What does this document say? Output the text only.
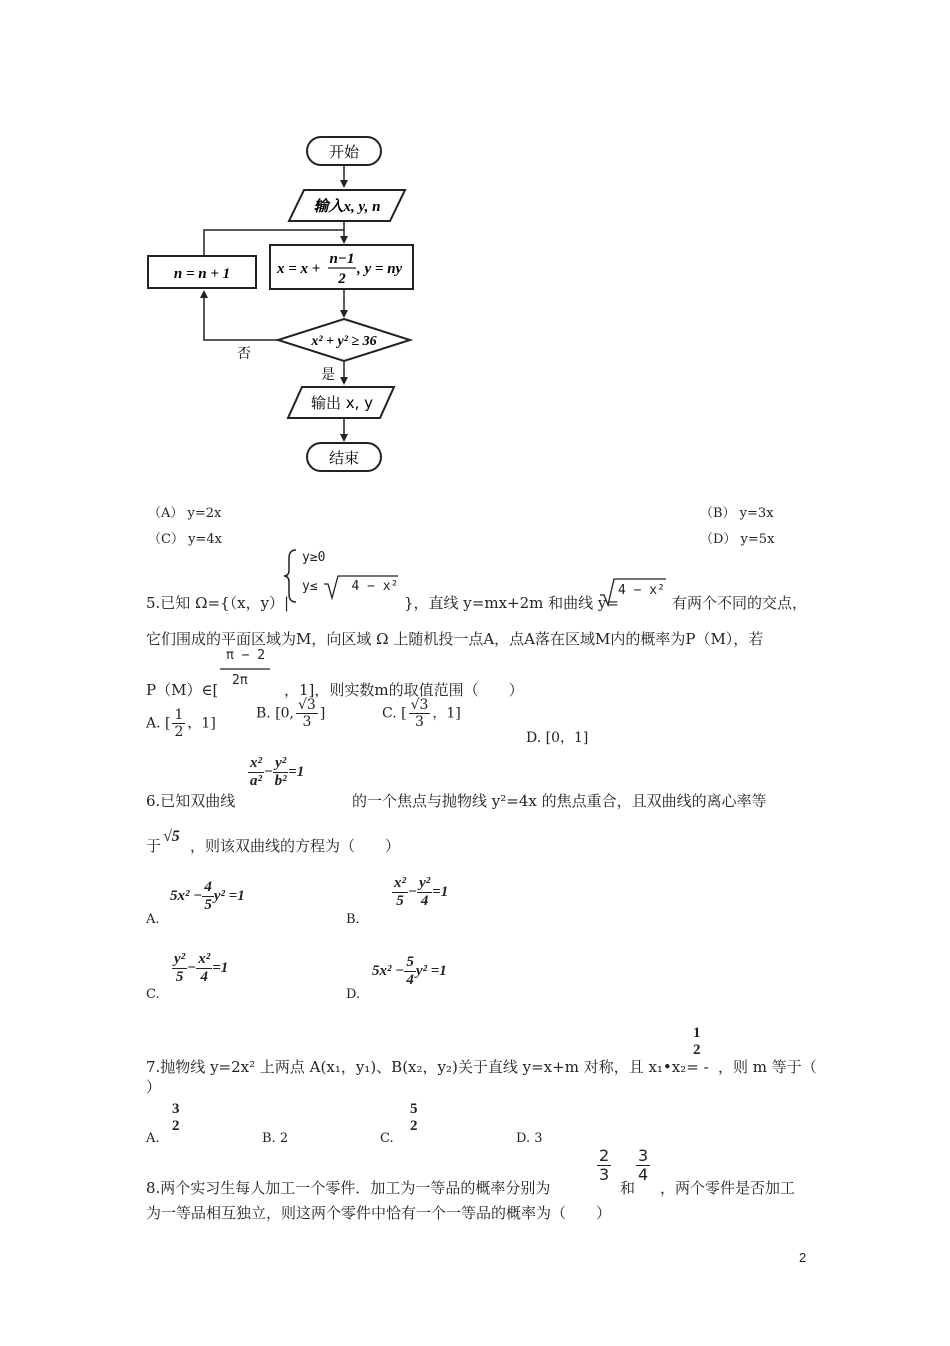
开始
输入x, y, n
x = x +
n−1
2
, y = ny
n = n + 1
x² + y² ≥ 36
否
是
输出 x, y
结束
（A） y=2x	（B） y=3x
（C） y=4x	（D） y=5x
y≥0
y≤ 4 − x²
5.已知 Ω={（x，y）|	}，直线 y=mx+2m 和曲线 y=
4 − x²
有两个不同的交点，
它们围成的平面区域为M，向区域 Ω 上随机投一点A，点A落在区域M内的概率为P（M），若
π − 2
2π
P（M）∈[	，1]，则实数m的取值范围（　　）
A. [ $\frac{1}{2}$ ，1]
B. [0, $\frac{√3}{3}$ ]	C. [ $\frac{√3}{3}$ ，1]
D. [0，1]
6.已知双曲线
$\frac{\text{x²}}{\text{a²}} - \frac{\text{y²}}{\text{b²}} =1$
的一个焦点与抛物线 y²=4x 的焦点重合，且双曲线的离心率等
于
√5
，则该双曲线的方程为（　　）
A.
$5x^2 - \frac{4}{5} y^2 =1$
B.
$\frac{\text{x²}}{5} - \frac{\text{y²}}{4} =1$
C.
$\frac{\text{y²}}{5} - \frac{\text{x²}}{4} =1$
D.
$5x^2 - \frac{5}{4} y^2 =1$
7.抛物线 y=2x² 上两点 A(x₁，y₁)、B(x₂，y₂)关于直线 y=x+m 对称，且 x₁•x₂= -
1
2
，则 m 等于（
）
A.
3
2
B. 2	C.
5
2
D. 3
8.两个实习生每人加工一个零件．加工为一等品的概率分别为
$\frac{2}{3}$
和
$\frac{3}{4}$
，两个零件是否加工
为一等品相互独立，则这两个零件中恰有一个一等品的概率为（　　）
2
